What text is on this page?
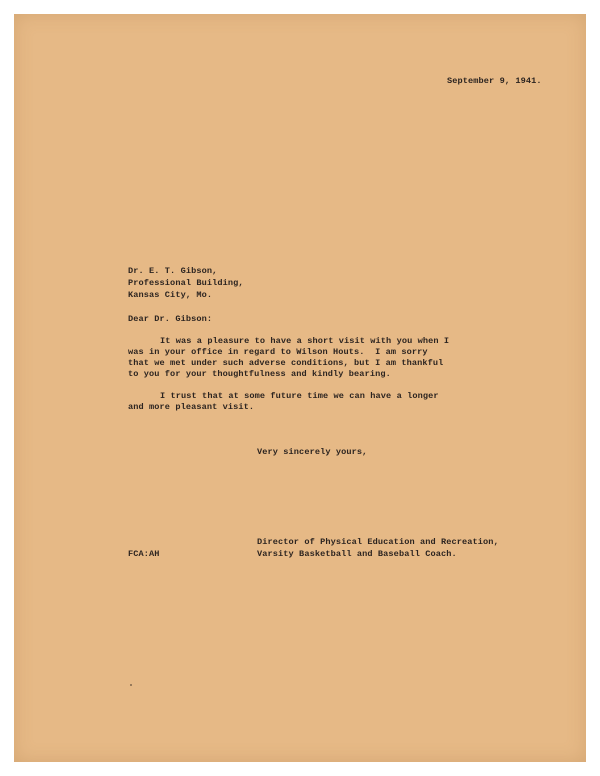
September 9, 1941.

Dr. E. T. Gibson,

Professional Building,

Kansas City, Mo.

Dear Dr. Gibson:

It was a pleasure to have a short visit with you when I

was in your office in regard to Wilson Houts.  I am sorry

that we met under such adverse conditions, but I am thankful

to you for your thoughtfulness and kindly bearing.

I trust that at some future time we can have a longer

and more pleasant visit.

Very sincerely yours,

Director of Physical Education and Recreation,

FCA:AH	Varsity Basketball and Baseball Coach.
